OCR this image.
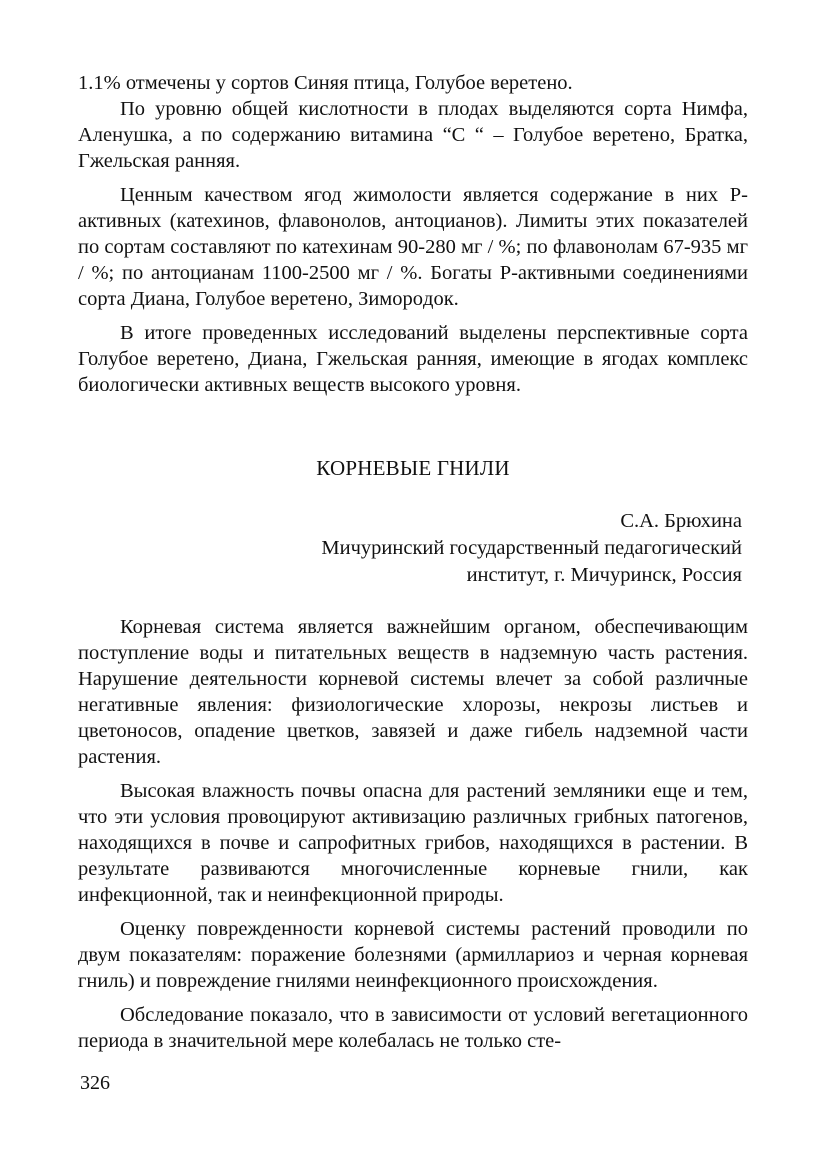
1.1% отмечены у сортов Синяя птица, Голубое веретено.

По уровню общей кислотности в плодах выделяются сорта Нимфа, Аленушка, а по содержанию витамина “С “ – Голубое веретено, Братка, Гжельская ранняя.

Ценным качеством ягод жимолости является содержание в них Р-активных (катехинов, флавонолов, антоцианов). Лимиты этих показателей по сортам составляют по катехинам 90-280 мг / %; по флавонолам 67-935 мг / %; по антоцианам 1100-2500 мг / %. Богаты Р-активными соединениями сорта Диана, Голубое веретено, Зиморoдок.

В итоге проведенных исследований выделены перспективные сорта Голубое веретено, Диана, Гжельская ранняя, имеющие в ягодах комплекс биологически активных веществ высокого уровня.

КОРНЕВЫЕ ГНИЛИ
С.А. Брюхина
Мичуринский государственный педагогический
институт, г. Мичуринск, Россия

Корневая система является важнейшим органом, обеспечивающим поступление воды и питательных веществ в надземную часть растения. Нарушение деятельности корневой системы влечет за собой различные негативные явления: физиологические хлорозы, некрозы листьев и цветоносов, опадение цветков, завязей и даже гибель надземной части растения.

Высокая влажность почвы опасна для растений земляники еще и тем, что эти условия провоцируют активизацию различных грибных патогенов, находящихся в почве и сапрофитных грибов, находящихся в растении. В результате развиваются многочисленные корневые гнили, как инфекционной, так и неинфекционной природы.

Оценку поврежденности корневой системы растений проводили по двум показателям: поражение болезнями (армиллариоз и черная корневая гниль) и повреждение гнилями неинфекционного происхождения.

Обследование показало, что в зависимости от условий вегетационного периода в значительной мере колебалась не только сте-

326
